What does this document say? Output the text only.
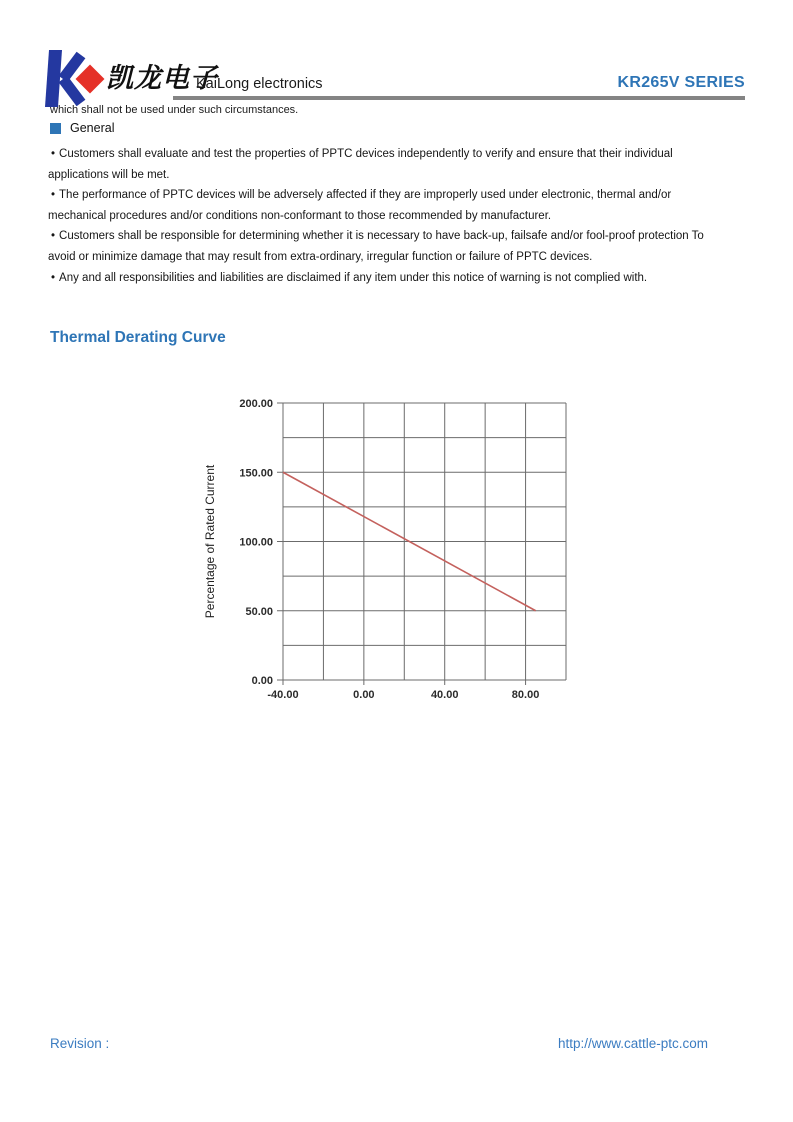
凯龙电子
KaiLong electronics	KR265V SERIES
which shall not be used under such circumstances.
General

• Customers shall evaluate and test the properties of PPTC devices independently to verify and ensure that their individual applications will be met.

• The performance of PPTC devices will be adversely affected if they are improperly used under electronic, thermal and/or mechanical procedures and/or conditions non-conformant to those recommended by manufacturer.

• Customers shall be responsible for determining whether it is necessary to have back-up, failsafe and/or fool-proof protection To avoid or minimize damage that may result from extra-ordinary, irregular function or failure of PPTC devices.

• Any and all responsibilities and liabilities are disclaimed if any item under this notice of warning is not complied with.

Thermal Derating Curve
-40.00	0.00	40.00	80.00
0.00
50.00
100.00
150.00
200.00
Percentage of Rated Current
Revision :	http://www.cattle-ptc.com
